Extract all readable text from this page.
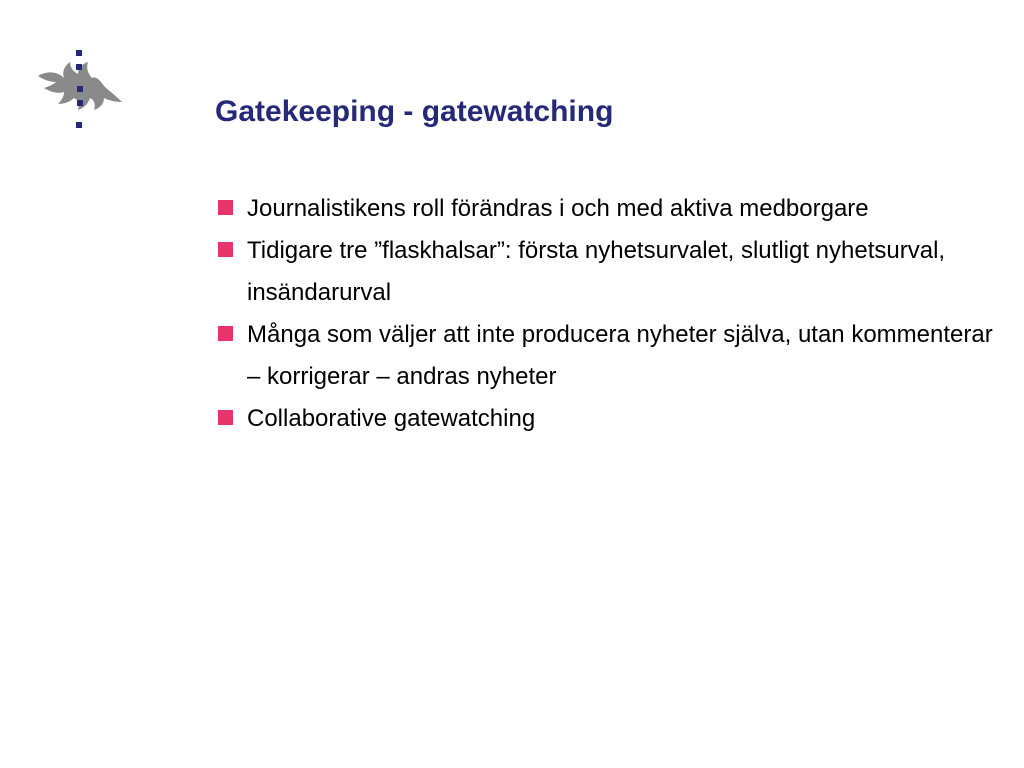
Gatekeeping - gatewatching
Journalistikens roll förändras i och med aktiva medborgare
Tidigare tre ”flaskhalsar”: första nyhetsurvalet, slutligt nyhetsurval, insändarurval
Många som väljer att inte producera nyheter själva, utan kommenterar – korrigerar – andras nyheter
Collaborative gatewatching
